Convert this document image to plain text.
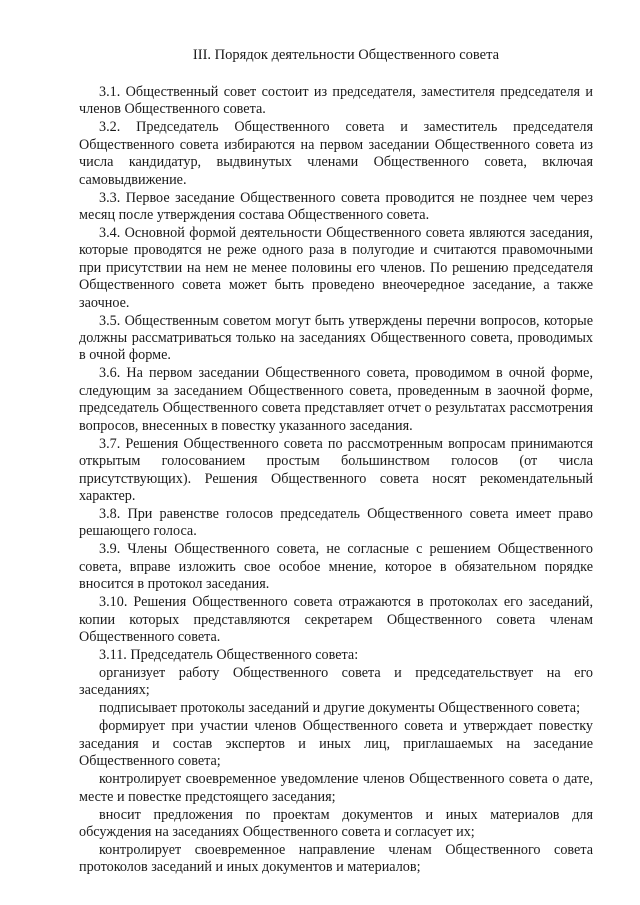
III. Порядок деятельности Общественного совета
3.1. Общественный совет состоит из председателя, заместителя председателя и членов Общественного совета.
3.2. Председатель Общественного совета и заместитель председателя Общественного совета избираются на первом заседании Общественного совета из числа кандидатур, выдвинутых членами Общественного совета, включая самовыдвижение.
3.3. Первое заседание Общественного совета проводится не позднее чем через месяц после утверждения состава Общественного совета.
3.4. Основной формой деятельности Общественного совета являются заседания, которые проводятся не реже одного раза в полугодие и считаются правомочными при присутствии на нем не менее половины его членов. По решению председателя Общественного совета может быть проведено внеочередное заседание, а также заочное.
3.5. Общественным советом могут быть утверждены перечни вопросов, которые должны рассматриваться только на заседаниях Общественного совета, проводимых в очной форме.
3.6. На первом заседании Общественного совета, проводимом в очной форме, следующим за заседанием Общественного совета, проведенным в заочной форме, председатель Общественного совета представляет отчет о результатах рассмотрения вопросов, внесенных в повестку указанного заседания.
3.7. Решения Общественного совета по рассмотренным вопросам принимаются открытым голосованием простым большинством голосов (от числа присутствующих). Решения Общественного совета носят рекомендательный характер.
3.8. При равенстве голосов председатель Общественного совета имеет право решающего голоса.
3.9. Члены Общественного совета, не согласные с решением Общественного совета, вправе изложить свое особое мнение, которое в обязательном порядке вносится в протокол заседания.
3.10. Решения Общественного совета отражаются в протоколах его заседаний, копии которых представляются секретарем Общественного совета членам Общественного совета.
3.11. Председатель Общественного совета:
организует работу Общественного совета и председательствует на его заседаниях;
подписывает протоколы заседаний и другие документы Общественного совета;
формирует при участии членов Общественного совета и утверждает повестку заседания и состав экспертов и иных лиц, приглашаемых на заседание Общественного совета;
контролирует своевременное уведомление членов Общественного совета о дате, месте и повестке предстоящего заседания;
вносит предложения по проектам документов и иных материалов для обсуждения на заседаниях Общественного совета и согласует их;
контролирует своевременное направление членам Общественного совета протоколов заседаний и иных документов и материалов;
